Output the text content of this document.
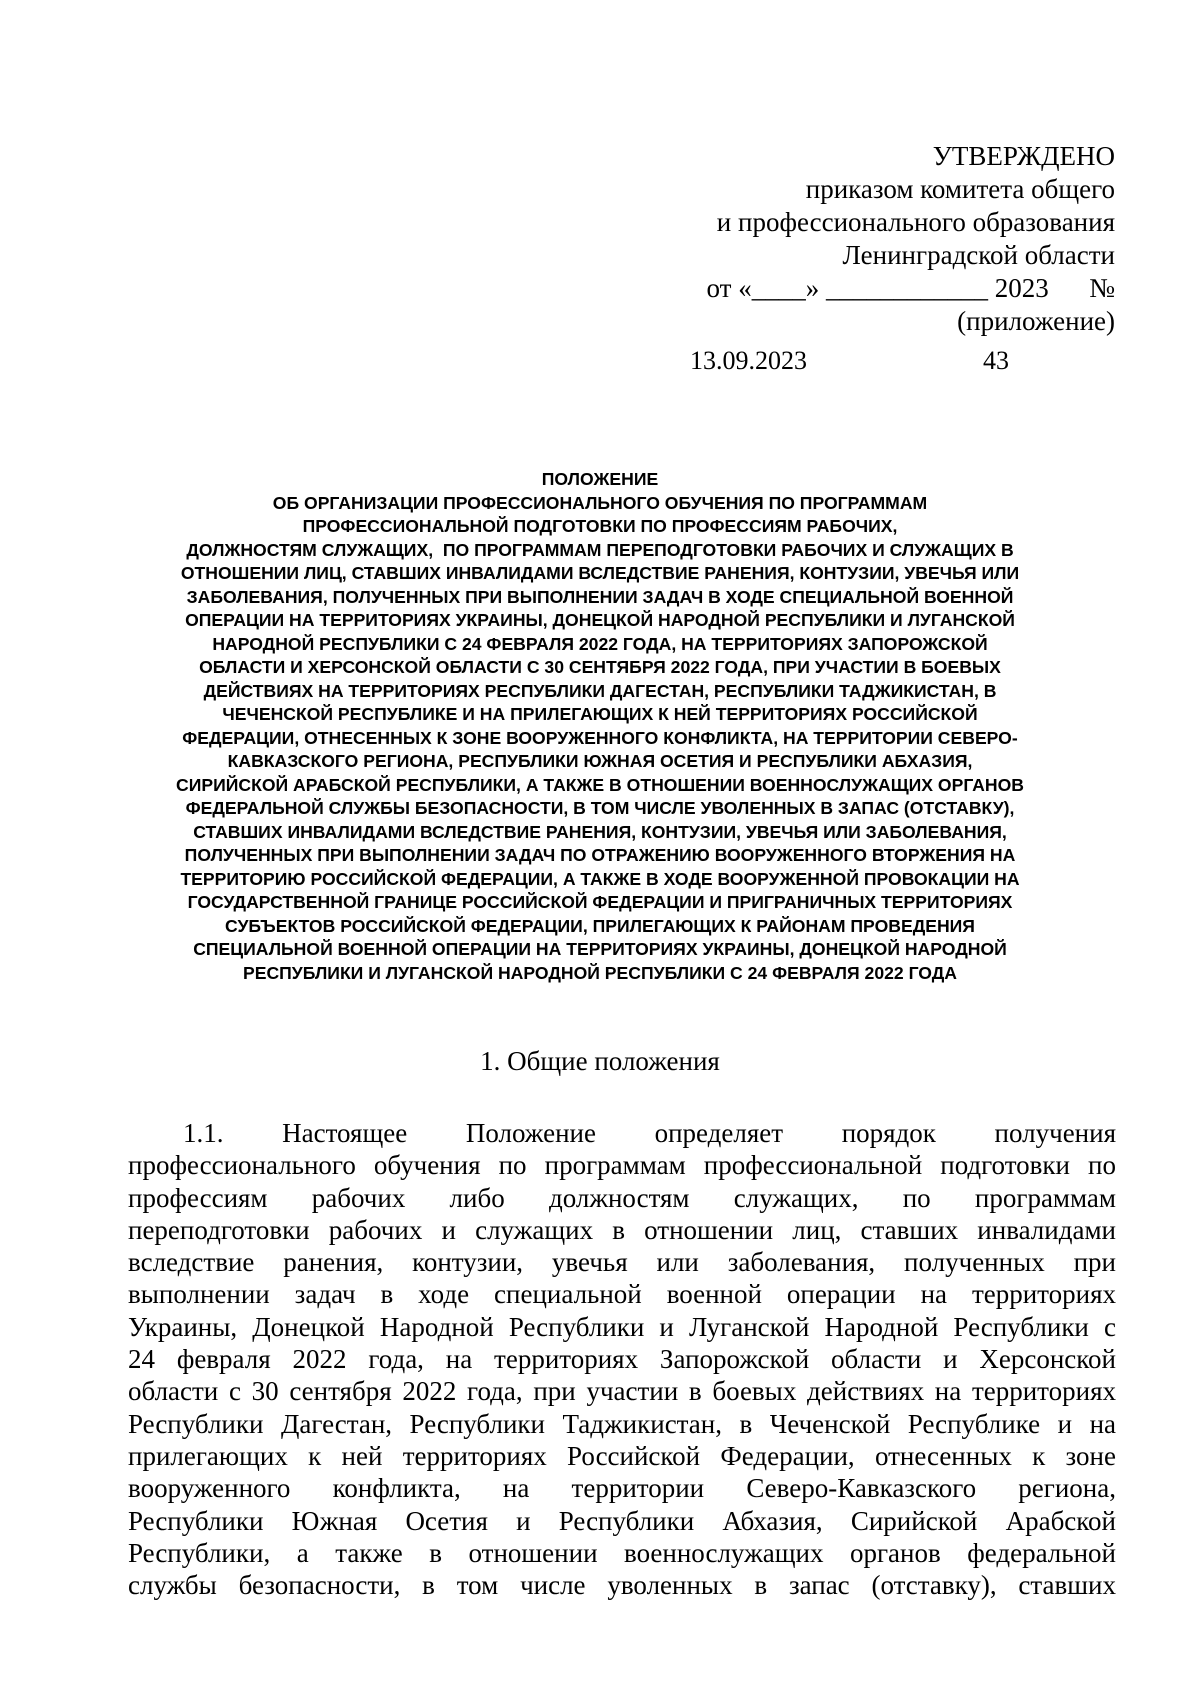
УТВЕРЖДЕНО
приказом комитета общего
и профессионального образования
Ленинградской области
от «____» ____________ 2023      №
(приложение)
13.09.2023	43
ПОЛОЖЕНИЕ
ОБ ОРГАНИЗАЦИИ ПРОФЕССИОНАЛЬНОГО ОБУЧЕНИЯ ПО ПРОГРАММАМ
ПРОФЕССИОНАЛЬНОЙ ПОДГОТОВКИ ПО ПРОФЕССИЯМ РАБОЧИХ,
ДОЛЖНОСТЯМ СЛУЖАЩИХ,  ПО ПРОГРАММАМ ПЕРЕПОДГОТОВКИ РАБОЧИХ И СЛУЖАЩИХ В
ОТНОШЕНИИ ЛИЦ, СТАВШИХ ИНВАЛИДАМИ ВСЛЕДСТВИЕ РАНЕНИЯ, КОНТУЗИИ, УВЕЧЬЯ ИЛИ
ЗАБОЛЕВАНИЯ, ПОЛУЧЕННЫХ ПРИ ВЫПОЛНЕНИИ ЗАДАЧ В ХОДЕ СПЕЦИАЛЬНОЙ ВОЕННОЙ
ОПЕРАЦИИ НА ТЕРРИТОРИЯХ УКРАИНЫ, ДОНЕЦКОЙ НАРОДНОЙ РЕСПУБЛИКИ И ЛУГАНСКОЙ
НАРОДНОЙ РЕСПУБЛИКИ С 24 ФЕВРАЛЯ 2022 ГОДА, НА ТЕРРИТОРИЯХ ЗАПОРОЖСКОЙ
ОБЛАСТИ И ХЕРСОНСКОЙ ОБЛАСТИ С 30 СЕНТЯБРЯ 2022 ГОДА, ПРИ УЧАСТИИ В БОЕВЫХ
ДЕЙСТВИЯХ НА ТЕРРИТОРИЯХ РЕСПУБЛИКИ ДАГЕСТАН, РЕСПУБЛИКИ ТАДЖИКИСТАН, В
ЧЕЧЕНСКОЙ РЕСПУБЛИКЕ И НА ПРИЛЕГАЮЩИХ К НЕЙ ТЕРРИТОРИЯХ РОССИЙСКОЙ
ФЕДЕРАЦИИ, ОТНЕСЕННЫХ К ЗОНЕ ВООРУЖЕННОГО КОНФЛИКТА, НА ТЕРРИТОРИИ СЕВЕРО-
КАВКАЗСКОГО РЕГИОНА, РЕСПУБЛИКИ ЮЖНАЯ ОСЕТИЯ И РЕСПУБЛИКИ АБХАЗИЯ,
СИРИЙСКОЙ АРАБСКОЙ РЕСПУБЛИКИ, А ТАКЖЕ В ОТНОШЕНИИ ВОЕННОСЛУЖАЩИХ ОРГАНОВ
ФЕДЕРАЛЬНОЙ СЛУЖБЫ БЕЗОПАСНОСТИ, В ТОМ ЧИСЛЕ УВОЛЕННЫХ В ЗАПАС (ОТСТАВКУ),
СТАВШИХ ИНВАЛИДАМИ ВСЛЕДСТВИЕ РАНЕНИЯ, КОНТУЗИИ, УВЕЧЬЯ ИЛИ ЗАБОЛЕВАНИЯ,
ПОЛУЧЕННЫХ ПРИ ВЫПОЛНЕНИИ ЗАДАЧ ПО ОТРАЖЕНИЮ ВООРУЖЕННОГО ВТОРЖЕНИЯ НА
ТЕРРИТОРИЮ РОССИЙСКОЙ ФЕДЕРАЦИИ, А ТАКЖЕ В ХОДЕ ВООРУЖЕННОЙ ПРОВОКАЦИИ НА
ГОСУДАРСТВЕННОЙ ГРАНИЦЕ РОССИЙСКОЙ ФЕДЕРАЦИИ И ПРИГРАНИЧНЫХ ТЕРРИТОРИЯХ
СУБЪЕКТОВ РОССИЙСКОЙ ФЕДЕРАЦИИ, ПРИЛЕГАЮЩИХ К РАЙОНАМ ПРОВЕДЕНИЯ
СПЕЦИАЛЬНОЙ ВОЕННОЙ ОПЕРАЦИИ НА ТЕРРИТОРИЯХ УКРАИНЫ, ДОНЕЦКОЙ НАРОДНОЙ
РЕСПУБЛИКИ И ЛУГАНСКОЙ НАРОДНОЙ РЕСПУБЛИКИ С 24 ФЕВРАЛЯ 2022 ГОДА
1. Общие положения
1.1. Настоящее Положение определяет порядок получения
профессионального обучения по программам профессиональной подготовки по
профессиям рабочих либо должностям служащих, по программам
переподготовки рабочих и служащих в отношении лиц, ставших инвалидами
вследствие ранения, контузии, увечья или заболевания, полученных при
выполнении задач в ходе специальной военной операции на территориях
Украины, Донецкой Народной Республики и Луганской Народной Республики с
24 февраля 2022 года, на территориях Запорожской области и Херсонской
области с 30 сентября 2022 года, при участии в боевых действиях на территориях
Республики Дагестан, Республики Таджикистан, в Чеченской Республике и на
прилегающих к ней территориях Российской Федерации, отнесенных к зоне
вооруженного конфликта, на территории Северо-Кавказского региона,
Республики Южная Осетия и Республики Абхазия, Сирийской Арабской
Республики, а также в отношении военнослужащих органов федеральной
службы безопасности, в том числе уволенных в запас (отставку), ставших
